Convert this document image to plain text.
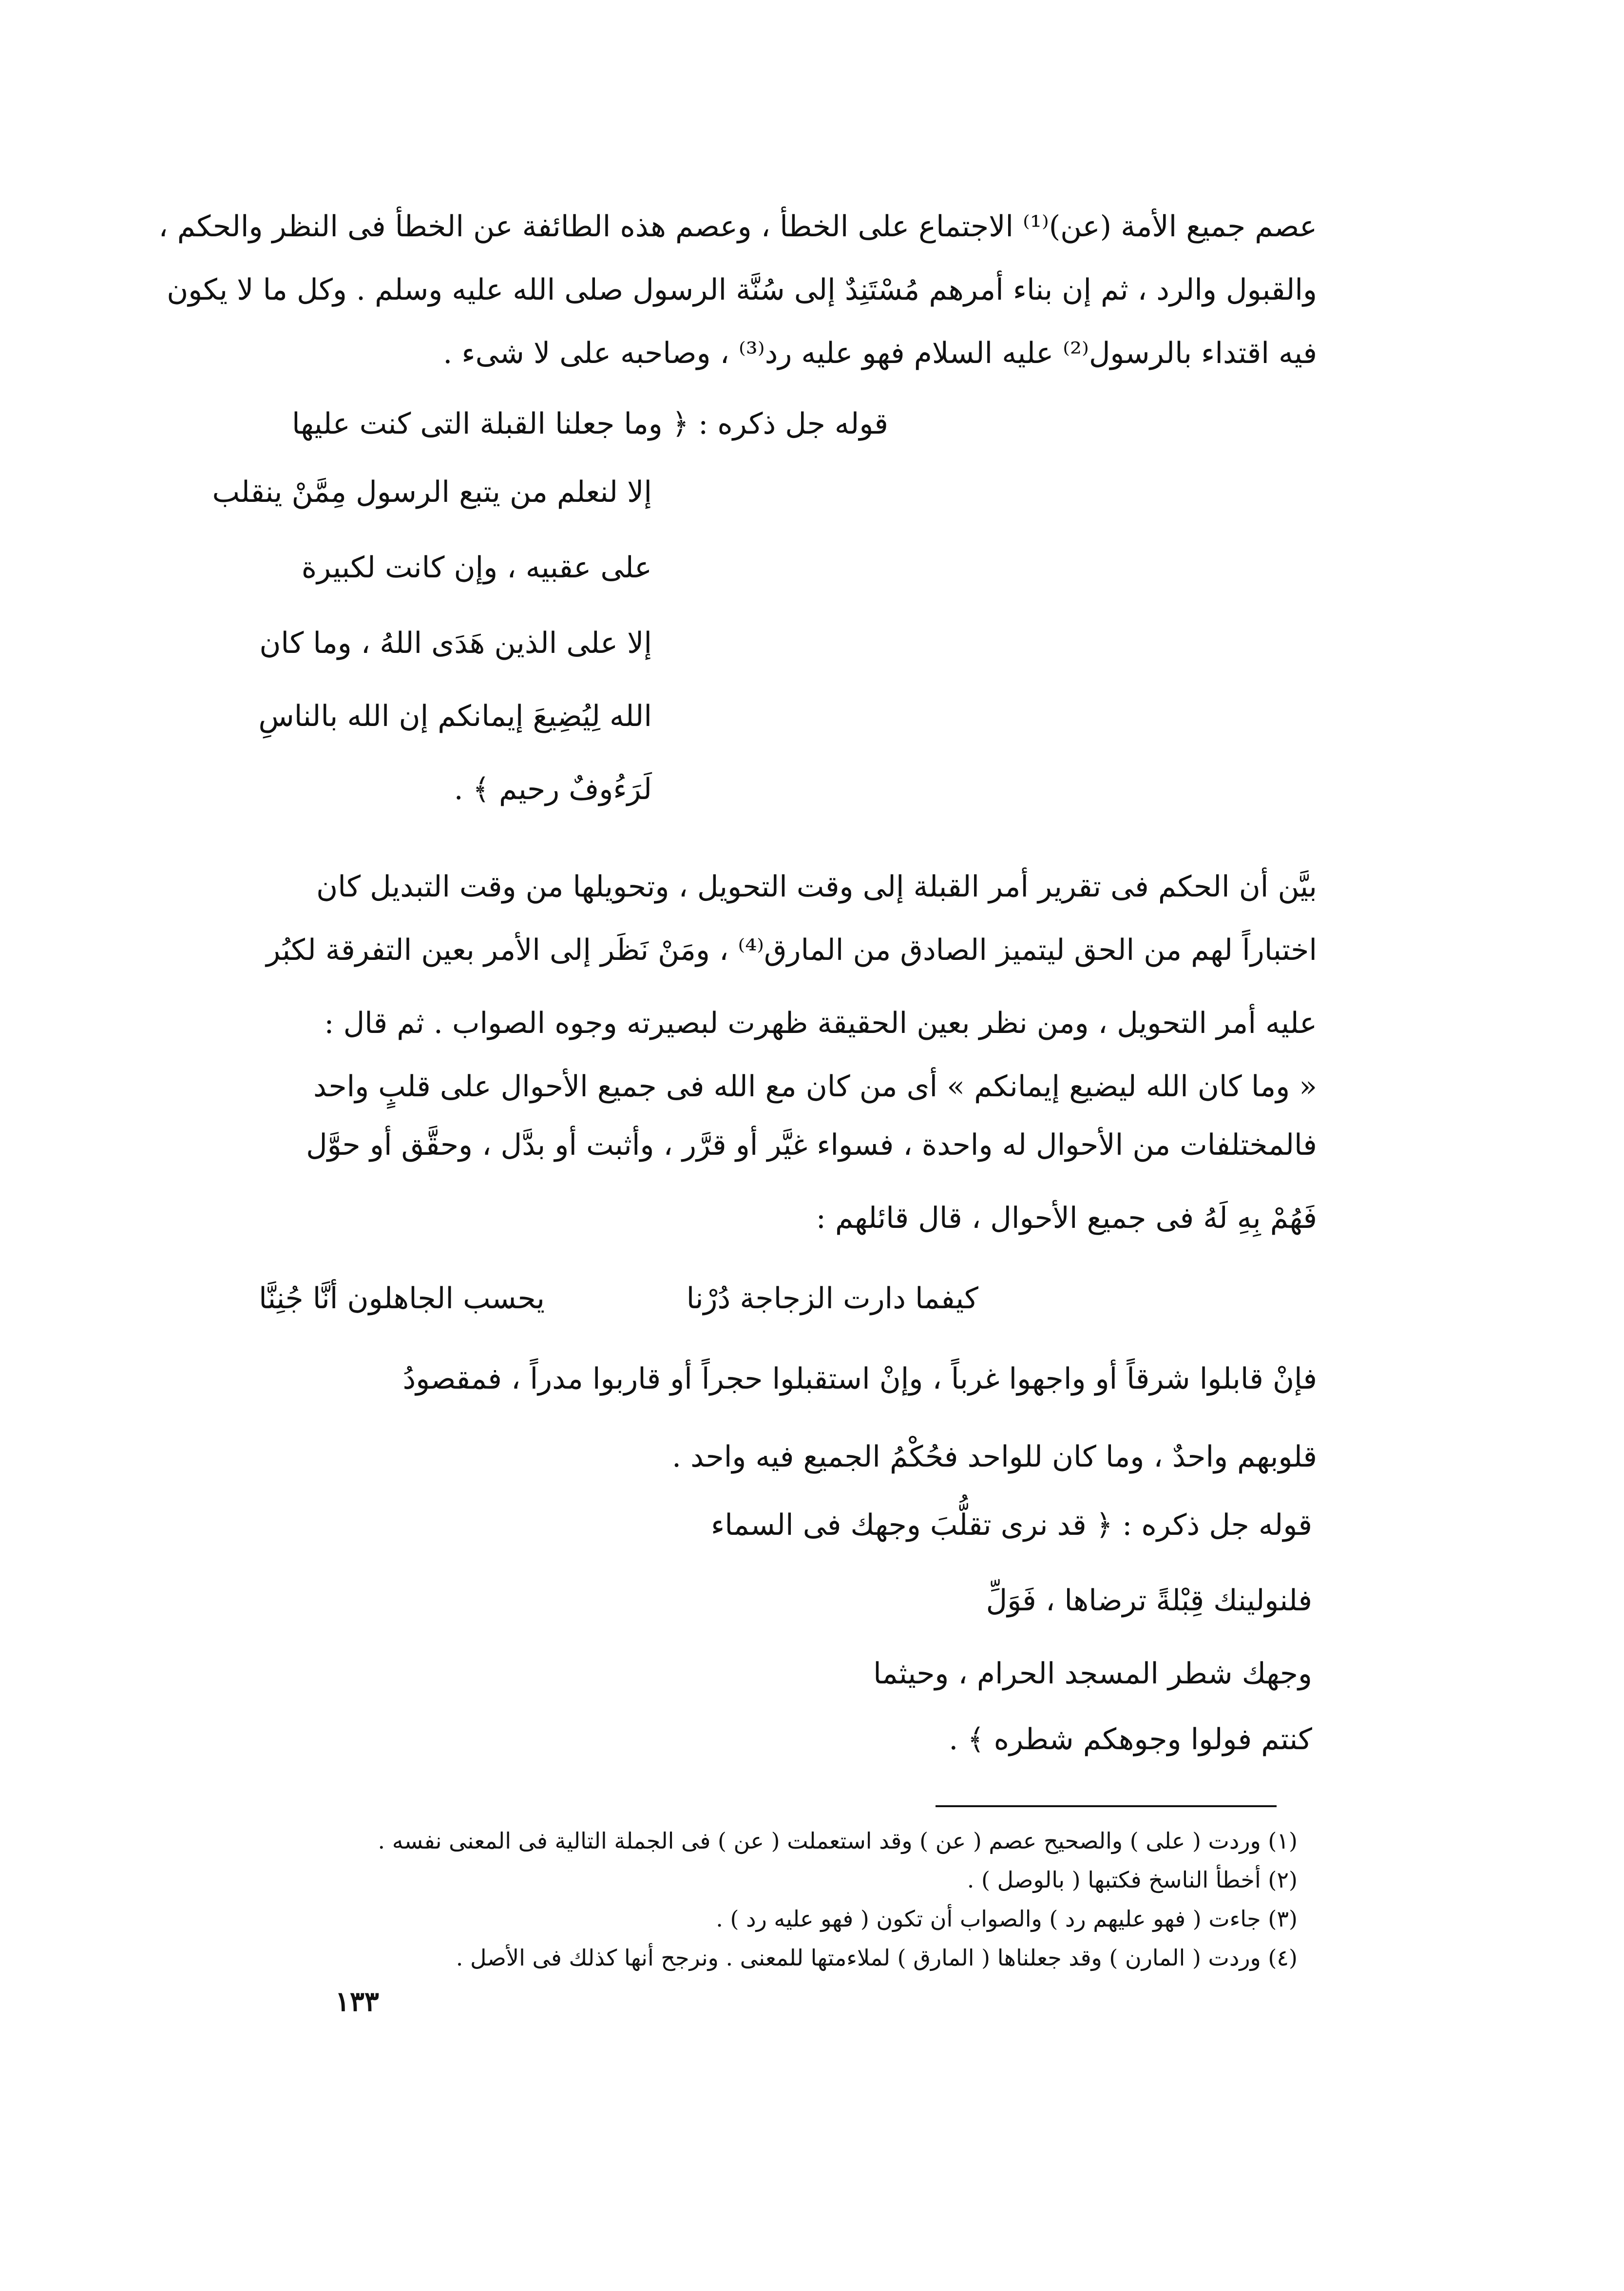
عصم جميع الأمة (عن)⁽¹⁾ الاجتماع على الخطأ ، وعصم هذه الطائفة عن الخطأ فى النظر والحكم ،
والقبول والرد ، ثم إن بناء أمرهم مُسْتَنِدٌ إلى سُنَّة الرسول صلى الله عليه وسلم . وكل ما لا يكون
فيه اقتداء بالرسول⁽²⁾ عليه السلام فهو عليه رد⁽³⁾ ، وصاحبه على لا شىء .
قوله جل ذكره : ﴿ وما جعلنا القبلة التى كنت عليها
إلا لنعلم من يتبع الرسول مِمَّنْ ينقلب
على عقبيه ، وإن كانت لكبيرة
إلا على الذين هَدَى اللهُ ، وما كان
الله لِيُضِيعَ إيمانكم إن الله بالناسِ
لَرَءُوفٌ رحيم ﴾ .
بيَّن أن الحكم فى تقرير أمر القبلة إلى وقت التحويل ، وتحويلها من وقت التبديل كان
اختباراً لهم من الحق ليتميز الصادق من المارق⁽⁴⁾ ، ومَنْ نَظَر إلى الأمر بعين التفرقة لكبُر
عليه أمر التحويل ، ومن نظر بعين الحقيقة ظهرت لبصيرته وجوه الصواب . ثم قال :
« وما كان الله ليضيع إيمانكم » أى من كان مع الله فى جميع الأحوال على قلبٍ واحد
فالمختلفات من الأحوال له واحدة ، فسواء غيَّر أو قرَّر ، وأثبت أو بدَّل ، وحقَّق أو حوَّل
فَهُمْ بِهِ لَهُ فى جميع الأحوال ، قال قائلهم :
كيفما دارت الزجاجة دُرْنا
يحسب الجاهلون أنَّا جُنِنَّا
فإنْ قابلوا شرقاً أو واجهوا غرباً ، وإنْ استقبلوا حجراً أو قاربوا مدراً ، فمقصودُ
قلوبهم واحدٌ ، وما كان للواحد فحُكْمُ الجميع فيه واحد .
قوله جل ذكره : ﴿ قد نرى تقلُّبَ وجهك فى السماء
فلنولينك قِبْلةً ترضاها ، فَوَلِّ
وجهك شطر المسجد الحرام ، وحيثما
كنتم فولوا وجوهكم شطره ﴾ .
(١) وردت ( على ) والصحيح عصم ( عن ) وقد استعملت ( عن ) فى الجملة التالية فى المعنى نفسه .
(٢) أخطأ الناسخ فكتبها ( بالوصل ) .
(٣) جاءت ( فهو عليهم رد ) والصواب أن تكون ( فهو عليه رد ) .
(٤) وردت ( المارن ) وقد جعلناها ( المارق ) لملاءمتها للمعنى . ونرجح أنها كذلك فى الأصل .
١٣٣
